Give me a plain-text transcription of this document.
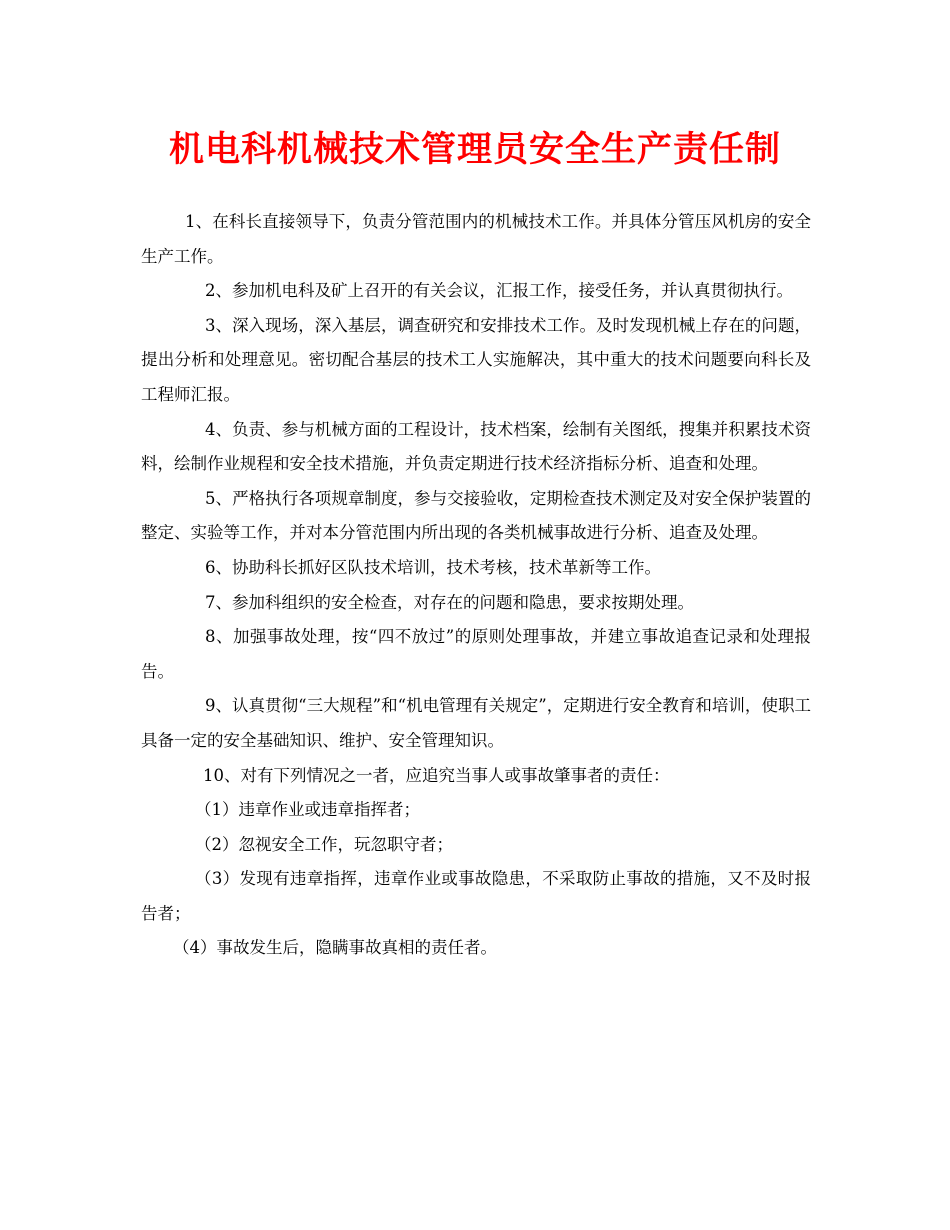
机电科机械技术管理员安全生产责任制

1、在科长直接领导下，负责分管范围内的机械技术工作。并具体分管压风机房的安全生产工作。

2、参加机电科及矿上召开的有关会议，汇报工作，接受任务，并认真贯彻执行。

3、深入现场，深入基层，调查研究和安排技术工作。及时发现机械上存在的问题，提出分析和处理意见。密切配合基层的技术工人实施解决，其中重大的技术问题要向科长及工程师汇报。

4、负责、参与机械方面的工程设计，技术档案，绘制有关图纸，搜集并积累技术资料，绘制作业规程和安全技术措施，并负责定期进行技术经济指标分析、追查和处理。

5、严格执行各项规章制度，参与交接验收，定期检查技术测定及对安全保护装置的整定、实验等工作，并对本分管范围内所出现的各类机械事故进行分析、追查及处理。

6、协助科长抓好区队技术培训，技术考核，技术革新等工作。

7、参加科组织的安全检查，对存在的问题和隐患，要求按期处理。

8、加强事故处理，按“四不放过”的原则处理事故，并建立事故追查记录和处理报告。

9、认真贯彻“三大规程”和“机电管理有关规定”，定期进行安全教育和培训，使职工具备一定的安全基础知识、维护、安全管理知识。

10、对有下列情况之一者，应追究当事人或事故肇事者的责任：

（1）违章作业或违章指挥者；

（2）忽视安全工作，玩忽职守者；

（3）发现有违章指挥，违章作业或事故隐患，不采取防止事故的措施，又不及时报告者；

（4）事故发生后，隐瞒事故真相的责任者。
